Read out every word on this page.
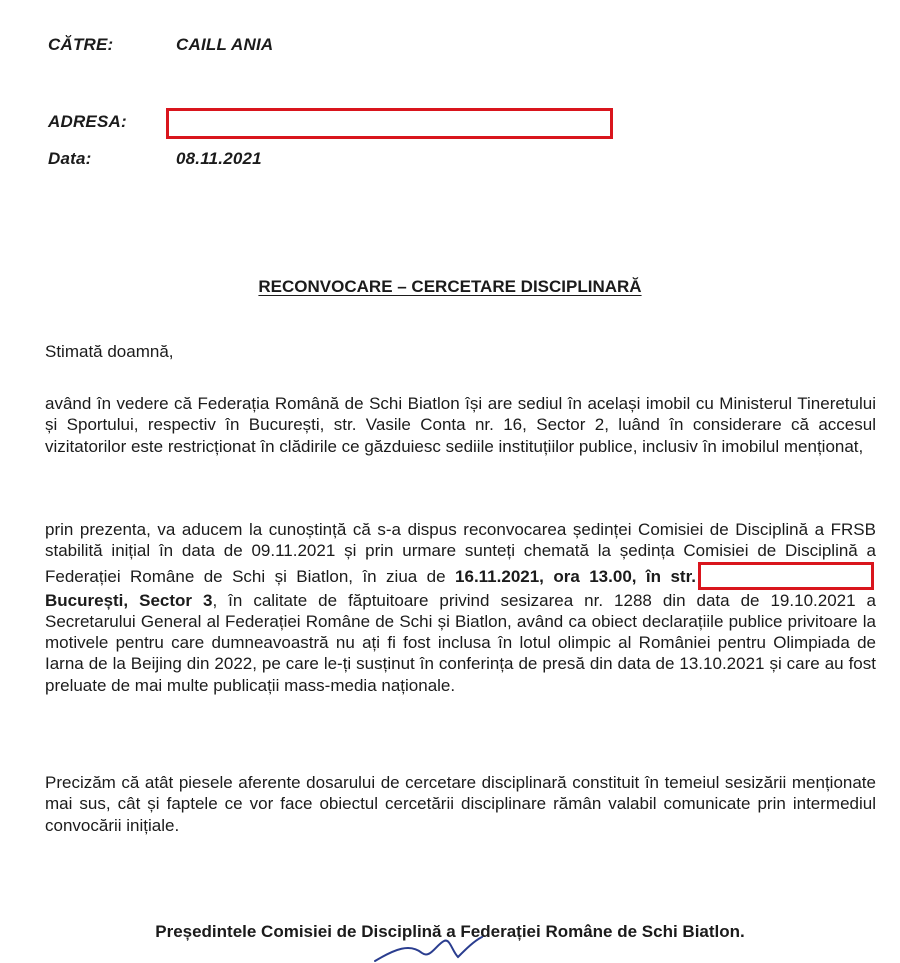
CĂTRE:	CAILL ANIA
ADRESA:
Data:	08.11.2021
RECONVOCARE – CERCETARE DISCIPLINARĂ
Stimată doamnă,

având în vedere că Federația Română de Schi Biatlon își are sediul în același imobil cu Ministerul Tineretului și Sportului, respectiv în București, str. Vasile Conta nr. 16, Sector 2, luând în considerare că accesul vizitatorilor este restricționat în clădirile ce găzduiesc sediile instituțiilor publice, inclusiv în imobilul menționat,

prin prezenta, va aducem la cunoștință că s-a dispus reconvocarea ședinței Comisiei de Disciplină a FRSB stabilită inițial în data de 09.11.2021 și prin urmare sunteți chemată la ședința Comisiei de Disciplină a Federației Române de Schi și Biatlon, în ziua de 16.11.2021, ora 13.00, în str.București, Sector 3, în calitate de făptuitoare privind sesizarea nr. 1288 din data de 19.10.2021 a Secretarului General al Federației Române de Schi și Biatlon, având ca obiect declarațiile publice privitoare la motivele pentru care dumneavoastră nu ați fi fost inclusa în lotul olimpic al României pentru Olimpiada de Iarna de la Beijing din 2022, pe care le-ți susținut în conferința de presă din data de 13.10.2021 și care au fost preluate de mai multe publicații mass-media naționale.

Precizăm că atât piesele aferente dosarului de cercetare disciplinară constituit în temeiul sesizării menționate mai sus, cât și faptele ce vor face obiectul cercetării disciplinare rămân valabil comunicate prin intermediul convocării inițiale.

Președintele Comisiei de Disciplină a Federației Române de Schi Biatlon.
